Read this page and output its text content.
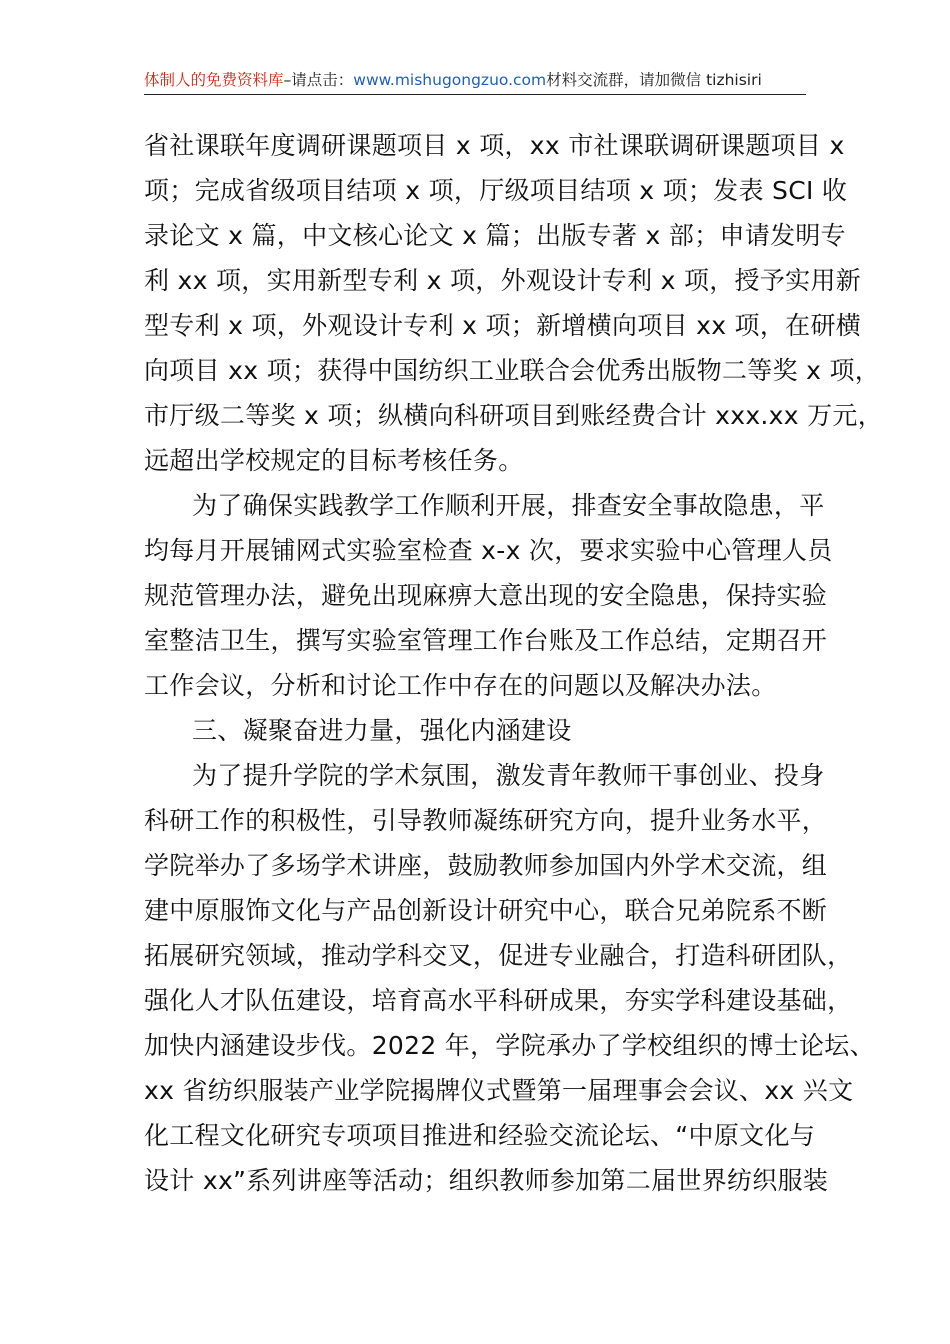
体制人的免费资料库–请点击：www.mishugongzuo.com材料交流群，请加微信 tizhisiri
省社课联年度调研课题项目 x 项，xx 市社课联调研课题项目 x
项；完成省级项目结项 x 项，厅级项目结项 x 项；发表 SCI 收
录论文 x 篇，中文核心论文 x 篇；出版专著 x 部；申请发明专
利 xx 项，实用新型专利 x 项，外观设计专利 x 项，授予实用新
型专利 x 项，外观设计专利 x 项；新增横向项目 xx 项，在研横
向项目 xx 项；获得中国纺织工业联合会优秀出版物二等奖 x 项，
市厅级二等奖 x 项；纵横向科研项目到账经费合计 xxx.xx 万元，
远超出学校规定的目标考核任务。
为了确保实践教学工作顺利开展，排查安全事故隐患，平
均每月开展铺网式实验室检查 x-x 次，要求实验中心管理人员
规范管理办法，避免出现麻痹大意出现的安全隐患，保持实验
室整洁卫生，撰写实验室管理工作台账及工作总结，定期召开
工作会议，分析和讨论工作中存在的问题以及解决办法。
三、凝聚奋进力量，强化内涵建设
为了提升学院的学术氛围，激发青年教师干事创业、投身
科研工作的积极性，引导教师凝练研究方向，提升业务水平，
学院举办了多场学术讲座，鼓励教师参加国内外学术交流，组
建中原服饰文化与产品创新设计研究中心，联合兄弟院系不断
拓展研究领域，推动学科交叉，促进专业融合，打造科研团队，
强化人才队伍建设，培育高水平科研成果，夯实学科建设基础，
加快内涵建设步伐。2022 年，学院承办了学校组织的博士论坛、
xx 省纺织服装产业学院揭牌仪式暨第一届理事会会议、xx 兴文
化工程文化研究专项项目推进和经验交流论坛、“中原文化与
设计 xx”系列讲座等活动；组织教师参加第二届世界纺织服装
